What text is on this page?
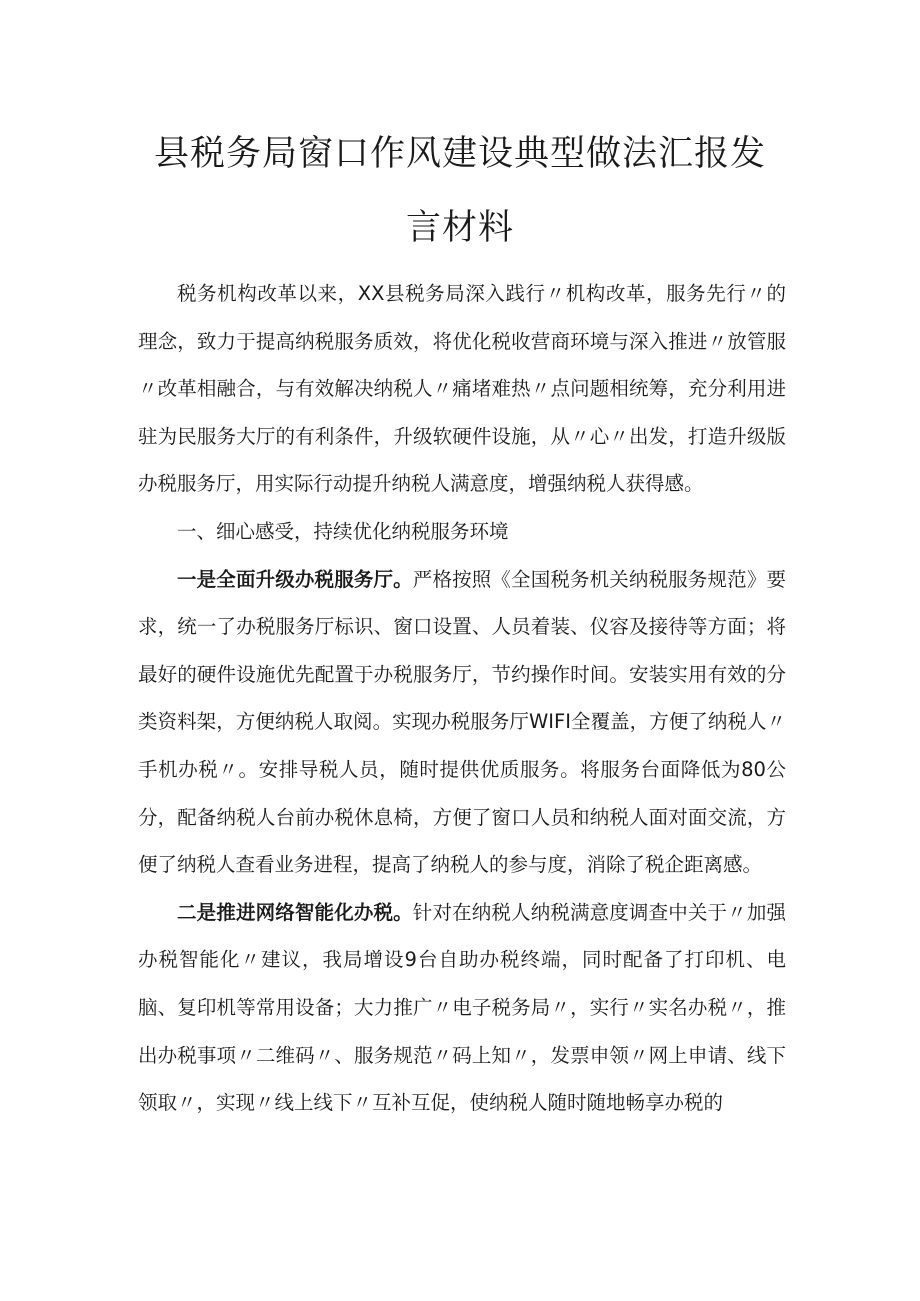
县税务局窗口作风建设典型做法汇报发
言材料

税务机构改革以来，XX县税务局深入践行〃机构改革，服务先行〃的理念，致力于提高纳税服务质效，将优化税收营商环境与深入推进〃放管服〃改革相融合，与有效解决纳税人〃痛堵难热〃点问题相统筹，充分利用进驻为民服务大厅的有利条件，升级软硬件设施，从〃心〃出发，打造升级版办税服务厅，用实际行动提升纳税人满意度，增强纳税人获得感。

一、细心感受，持续优化纳税服务环境

一是全面升级办税服务厅。严格按照《全国税务机关纳税服务规范》要求，统一了办税服务厅标识、窗口设置、人员着装、仪容及接待等方面；将最好的硬件设施优先配置于办税服务厅，节约操作时间。安装实用有效的分类资料架，方便纳税人取阅。实现办税服务厅WIFI全覆盖，方便了纳税人〃手机办税〃。安排导税人员，随时提供优质服务。将服务台面降低为80公分，配备纳税人台前办税休息椅，方便了窗口人员和纳税人面对面交流，方便了纳税人查看业务进程，提高了纳税人的参与度，消除了税企距离感。

二是推进网络智能化办税。针对在纳税人纳税满意度调查中关于〃加强办税智能化〃建议，我局增设9台自助办税终端，同时配备了打印机、电脑、复印机等常用设备；大力推广〃电子税务局〃，实行〃实名办税〃，推出办税事项〃二维码〃、服务规范〃码上知〃，发票申领〃网上申请、线下领取〃，实现〃线上线下〃互补互促，使纳税人随时随地畅享办税的
